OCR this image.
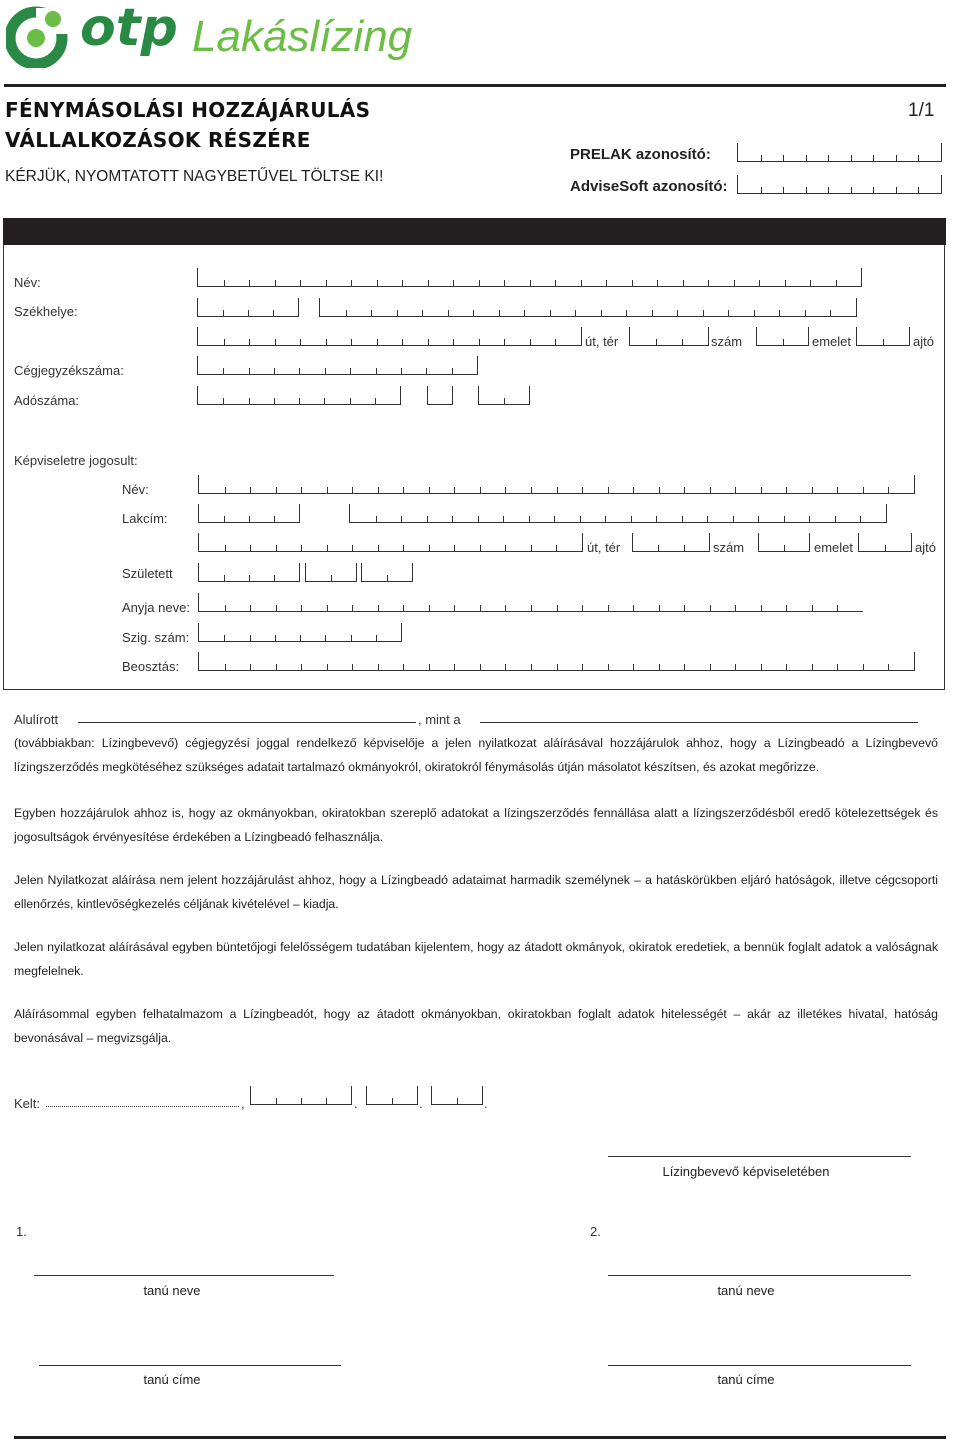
otp Lakáslízing
FÉNYMÁSOLÁSI HOZZÁJÁRULÁS
VÁLLALKOZÁSOK RÉSZÉRE
KÉRJÜK, NYOMTATOTT NAGYBETŰVEL TÖLTSE KI!
1/1
PRELAK azonosító:
AdviseSoft azonosító:
Név:
Székhelye:
út, tér	szám	emelet	ajtó
Cégjegyzékszáma:
Adószáma:
Képviseletre jogosult:
Név:
Lakcím:
út, tér	szám	emelet	ajtó
Született
Anyja neve:
Szig. szám:
Beosztás:
Alulírott	, mint a
(továbbiakban: Lízingbevevő) cégjegyzési joggal rendelkező képviselője a jelen nyilatkozat aláírásával hozzájárulok ahhoz, hogy a Lízingbeadó a Lízingbevevő lízingszerződés megkötéséhez szükséges adatait tartalmazó okmányokról, okiratokról fénymásolás útján másolatot készítsen, és azokat megőrizze.
Egyben hozzájárulok ahhoz is, hogy az okmányokban, okiratokban szereplő adatokat a lízingszerződés fennállása alatt a lízingszerződésből eredő kötelezettségek és jogosultságok érvényesítése érdekében a Lízingbeadó felhasználja.
Jelen Nyilatkozat aláírása nem jelent hozzájárulást ahhoz, hogy a Lízingbeadó adataimat harmadik személynek – a hatáskörükben eljáró hatóságok, illetve cégcsoporti ellenőrzés, kintlevőségkezelés céljának kivételével – kiadja.
Jelen nyilatkozat aláírásával egyben büntetőjogi felelősségem tudatában kijelentem, hogy az átadott okmányok, okiratok eredetiek, a bennük foglalt adatok a valóságnak megfelelnek.
Aláírásommal egyben felhatalmazom a Lízingbeadót, hogy az átadott okmányokban, okiratokban foglalt adatok hitelességét – akár az illetékes hivatal, hatóság bevonásával – megvizsgálja.
Kelt:	,	.	.	.
Lízingbevevő képviseletében
1.	2.
tanú neve	tanú neve
tanú címe	tanú címe
